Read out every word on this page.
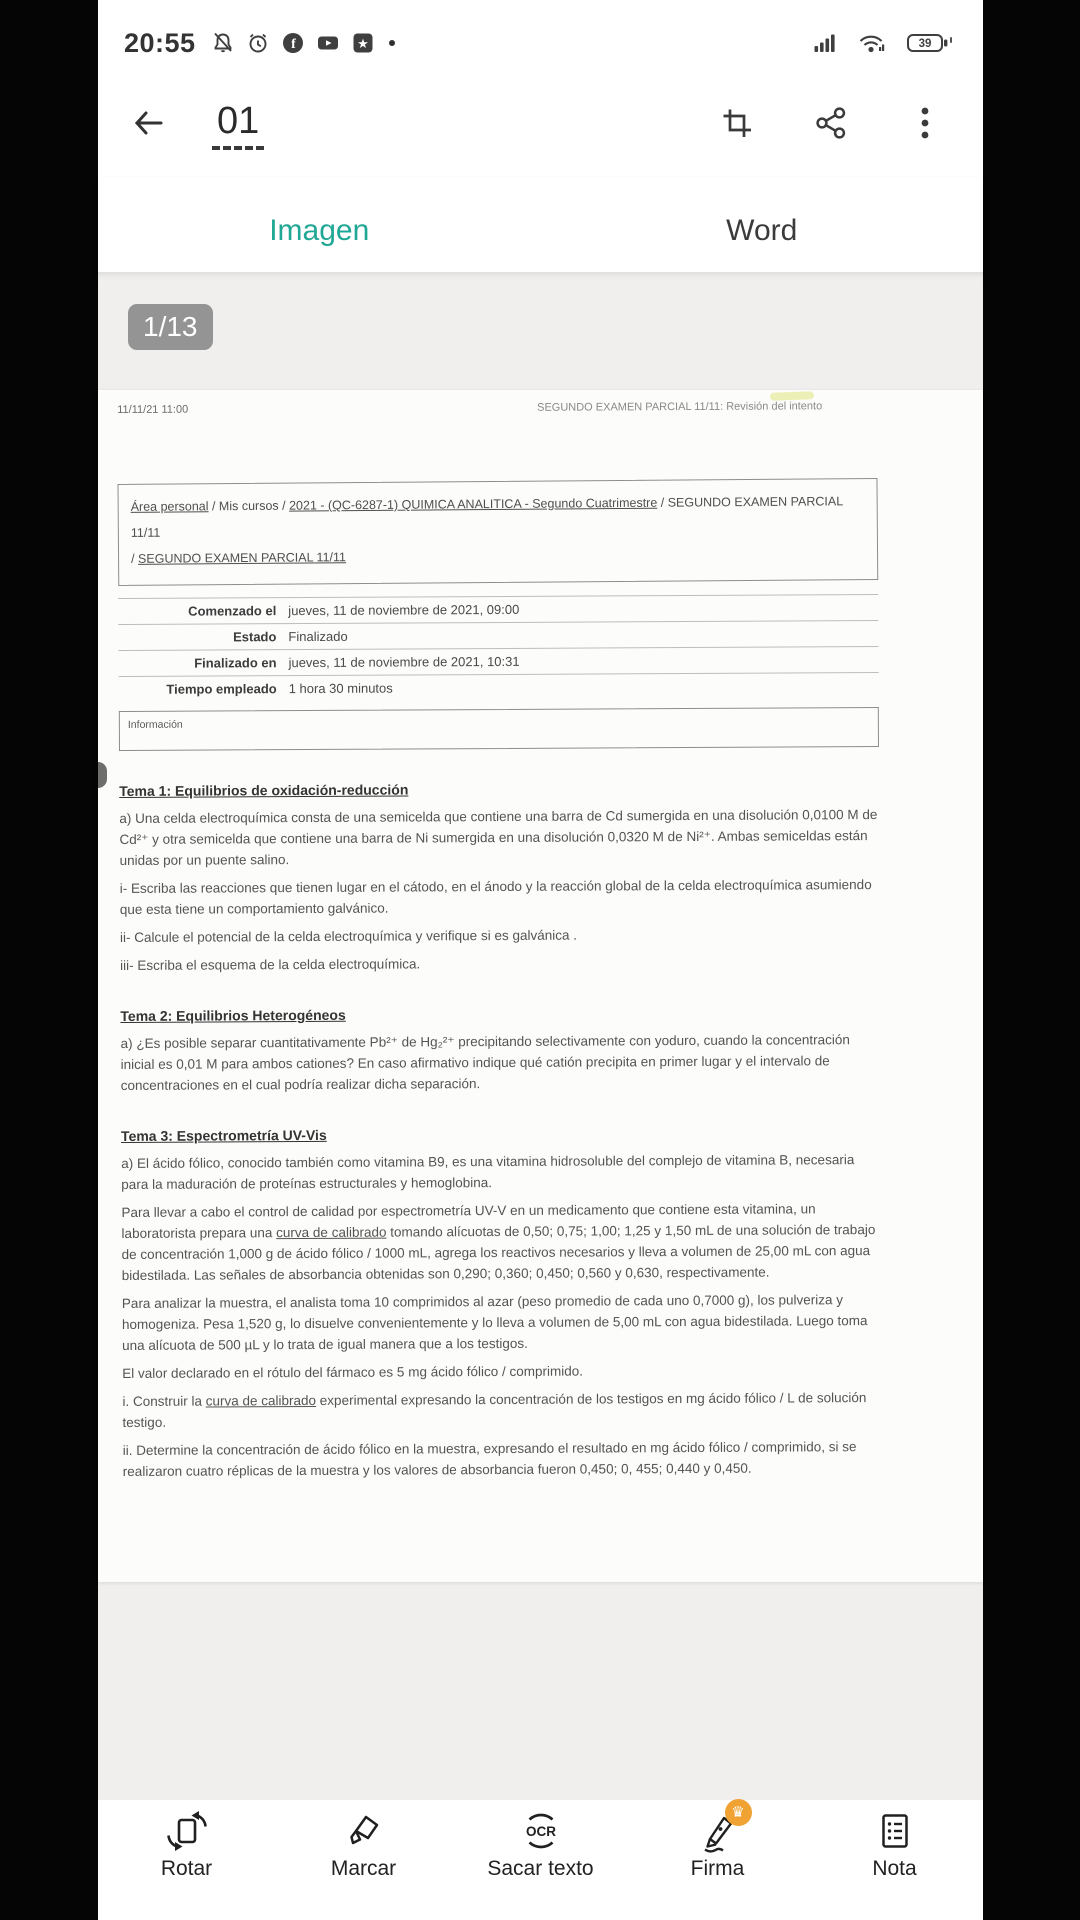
20:55	f	★	39
01
Imagen	Word
1/13
11/11/21 11:00	SEGUNDO EXAMEN PARCIAL 11/11: Revisión del intento
Área personal / Mis cursos / 2021 - (QC-6287-1) QUIMICA ANALITICA - Segundo Cuatrimestre / SEGUNDO EXAMEN PARCIAL 11/11
/ SEGUNDO EXAMEN PARCIAL 11/11
Comenzado el jueves, 11 de noviembre de 2021, 09:00
Estado Finalizado
Finalizado en jueves, 11 de noviembre de 2021, 10:31
Tiempo empleado 1 hora 30 minutos
Información
Tema 1: Equilibrios de oxidación-reducción

a) Una celda electroquímica consta de una semicelda que contiene una barra de Cd sumergida en una disolución 0,0100 M de Cd²⁺ y otra semicelda que contiene una barra de Ni sumergida en una disolución 0,0320 M de Ni²⁺. Ambas semiceldas están unidas por un puente salino.

i- Escriba las reacciones que tienen lugar en el cátodo, en el ánodo y la reacción global de la celda electroquímica asumiendo que esta tiene un comportamiento galvánico.

ii- Calcule el potencial de la celda electroquímica y verifique si es galvánica .

iii- Escriba el esquema de la celda electroquímica.

Tema 2: Equilibrios Heterogéneos

a) ¿Es posible separar cuantitativamente Pb²⁺ de Hg₂²⁺ precipitando selectivamente con yoduro, cuando la concentración inicial es 0,01 M para ambos cationes? En caso afirmativo indique qué catión precipita en primer lugar y el intervalo de concentraciones en el cual podría realizar dicha separación.

Tema 3: Espectrometría UV-Vis

a) El ácido fólico, conocido también como vitamina B9, es una vitamina hidrosoluble del complejo de vitamina B, necesaria para la maduración de proteínas estructurales y hemoglobina.

Para llevar a cabo el control de calidad por espectrometría UV-V en un medicamento que contiene esta vitamina, un laboratorista prepara una curva de calibrado tomando alícuotas de 0,50; 0,75; 1,00; 1,25 y 1,50 mL de una solución de trabajo de concentración 1,000 g de ácido fólico / 1000 mL, agrega los reactivos necesarios y lleva a volumen de 25,00 mL con agua bidestilada. Las señales de absorbancia obtenidas son 0,290; 0,360; 0,450; 0,560 y 0,630, respectivamente.

Para analizar la muestra, el analista toma 10 comprimidos al azar (peso promedio de cada uno 0,7000 g), los pulveriza y homogeniza. Pesa 1,520 g, lo disuelve convenientemente y lo lleva a volumen de 5,00 mL con agua bidestilada. Luego toma una alícuota de 500 µL y lo trata de igual manera que a los testigos.

El valor declarado en el rótulo del fármaco es 5 mg ácido fólico / comprimido.

i. Construir la curva de calibrado experimental expresando la concentración de los testigos en mg ácido fólico / L de solución testigo.

ii. Determine la concentración de ácido fólico en la muestra, expresando el resultado en mg ácido fólico / comprimido, si se realizaron cuatro réplicas de la muestra y los valores de absorbancia fueron 0,450; 0, 455; 0,440 y 0,450.

Rotar	Marcar
OCR
Sacar texto
♛
Firma	Nota
